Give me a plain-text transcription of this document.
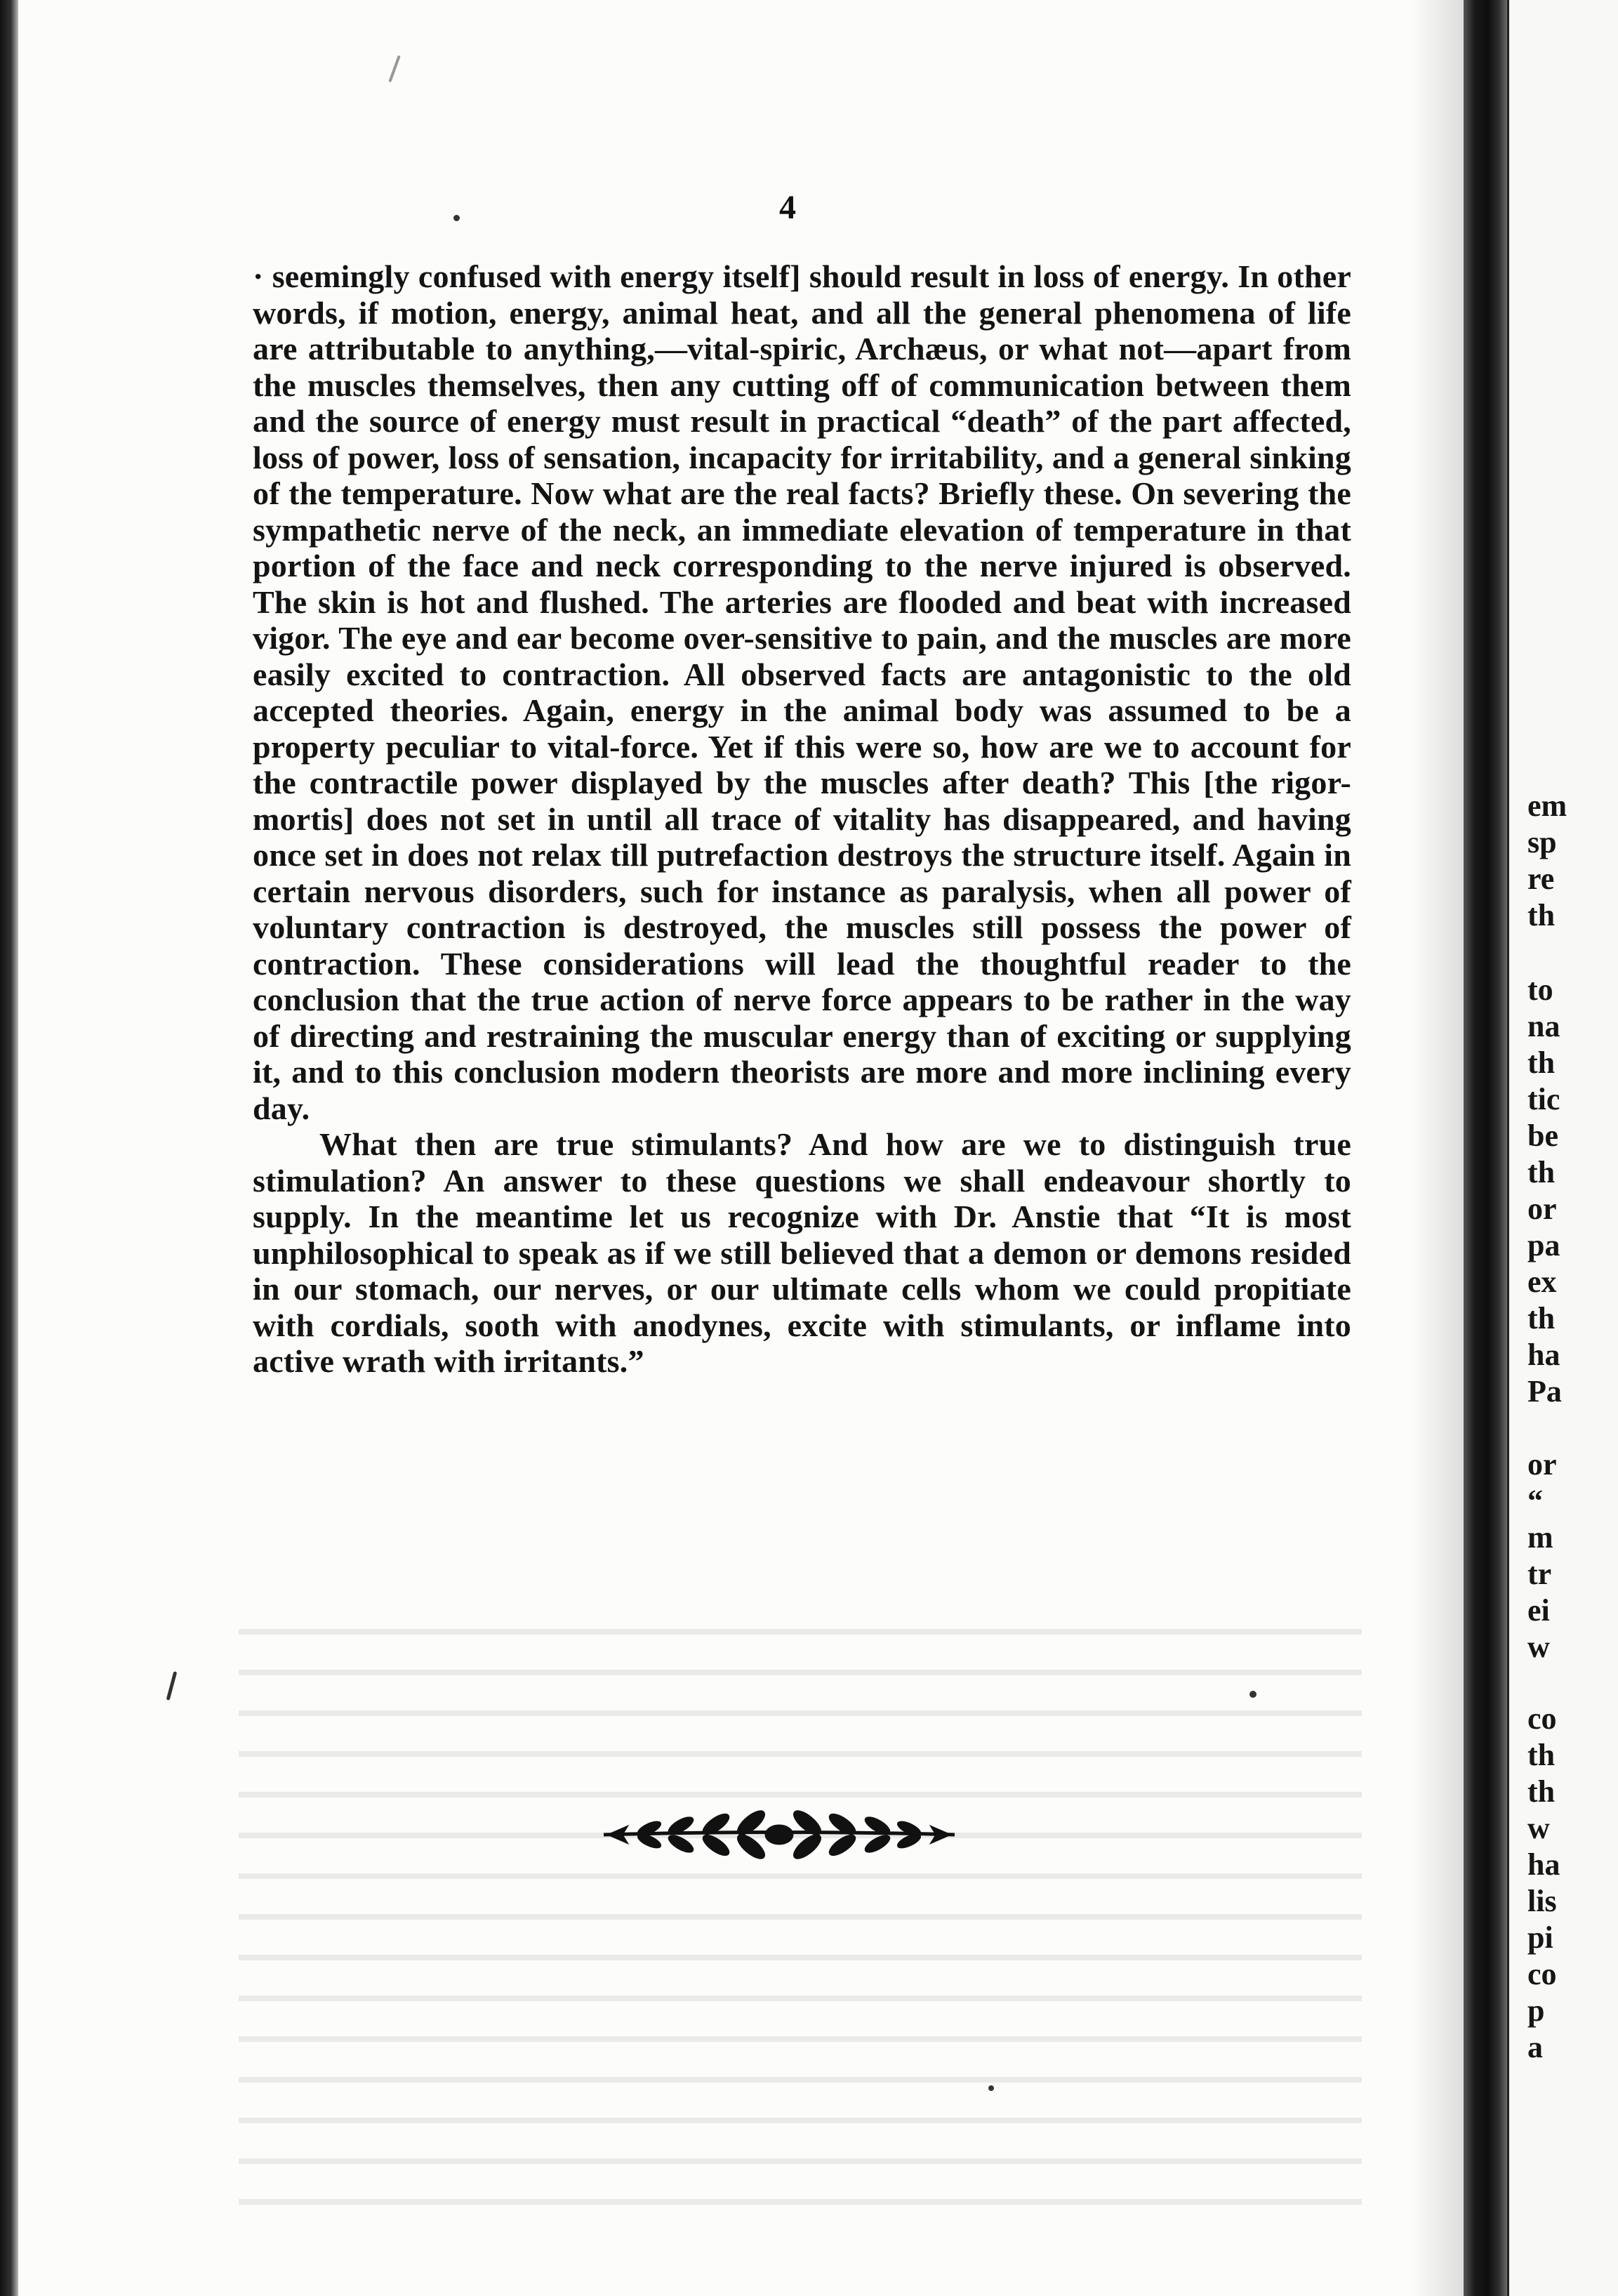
em
sp
re
th
to
na
th
tic
be
th
or
pa
ex
th
ha
Pa
or
“
m
tr
ei
w
co
th
th
w
ha
lis
pi
co
p
a
4

· seemingly confused with energy itself] should result in loss of energy. In other words, if motion, energy, animal heat, and all the general phenomena of life are attributable to anything,—vital-spiric, Archæus, or what not—apart from the muscles themselves, then any cutting off of communication between them and the source of energy must result in practical “death” of the part affected, loss of power, loss of sensation, incapacity for irritability, and a general sinking of the temperature. Now what are the real facts? Briefly these. On severing the sympathetic nerve of the neck, an immediate elevation of temperature in that portion of the face and neck corresponding to the nerve injured is observed. The skin is hot and flushed. The arteries are flooded and beat with increased vigor. The eye and ear become over-sensitive to pain, and the muscles are more easily excited to contraction. All observed facts are antagonistic to the old accepted theories. Again, energy in the animal body was assumed to be a property peculiar to vital-force. Yet if this were so, how are we to account for the contractile power displayed by the muscles after death? This [the rigor-mortis] does not set in until all trace of vitality has disappeared, and having once set in does not relax till putrefaction destroys the structure itself. Again in certain nervous disorders, such for instance as paralysis, when all power of voluntary contraction is destroyed, the muscles still possess the power of contraction. These considerations will lead the thoughtful reader to the conclusion that the true action of nerve force appears to be rather in the way of directing and restraining the muscular energy than of exciting or supplying it, and to this conclusion modern theorists are more and more inclining every day.

What then are true stimulants? And how are we to distinguish true stimulation? An answer to these questions we shall endeavour shortly to supply. In the meantime let us recognize with Dr. Anstie that “It is most unphilosophical to speak as if we still believed that a demon or demons resided in our stomach, our nerves, or our ultimate cells whom we could propitiate with cordials, sooth with anodynes, excite with stimulants, or inflame into active wrath with irritants.”
